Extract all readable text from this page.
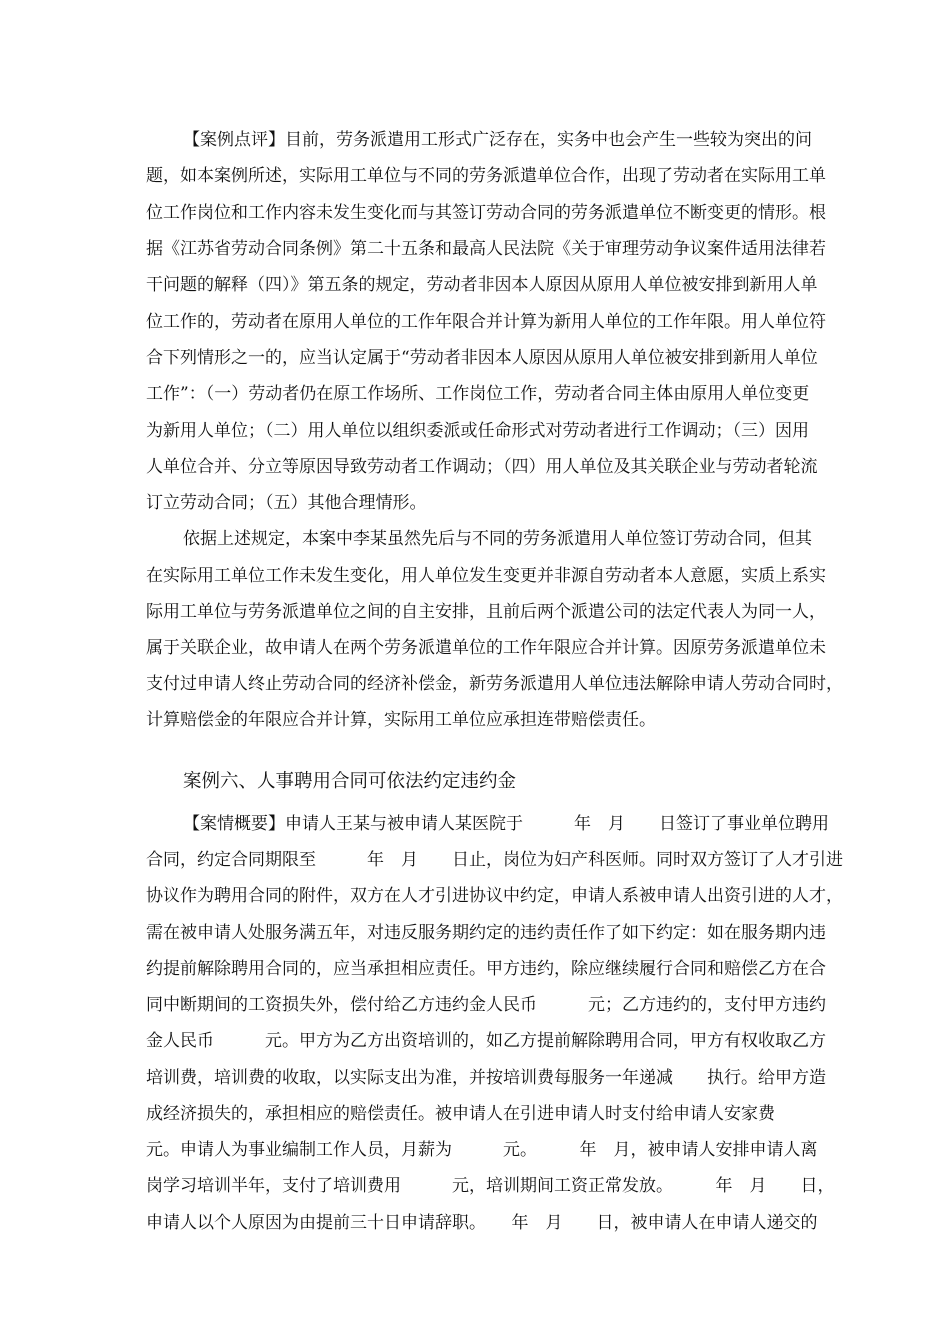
【案例点评】目前，劳务派遣用工形式广泛存在，实务中也会产生一些较为突出的问
题，如本案例所述，实际用工单位与不同的劳务派遣单位合作，出现了劳动者在实际用工单
位工作岗位和工作内容未发生变化而与其签订劳动合同的劳务派遣单位不断变更的情形。根
据《江苏省劳动合同条例》第二十五条和最高人民法院《关于审理劳动争议案件适用法律若
干问题的解释（四）》第五条的规定，劳动者非因本人原因从原用人单位被安排到新用人单
位工作的，劳动者在原用人单位的工作年限合并计算为新用人单位的工作年限。用人单位符
合下列情形之一的，应当认定属于“劳动者非因本人原因从原用人单位被安排到新用人单位
工作”：（一）劳动者仍在原工作场所、工作岗位工作，劳动者合同主体由原用人单位变更
为新用人单位；（二）用人单位以组织委派或任命形式对劳动者进行工作调动；（三）因用
人单位合并、分立等原因导致劳动者工作调动；（四）用人单位及其关联企业与劳动者轮流
订立劳动合同；（五）其他合理情形。
依据上述规定，本案中李某虽然先后与不同的劳务派遣用人单位签订劳动合同，但其
在实际用工单位工作未发生变化，用人单位发生变更并非源自劳动者本人意愿，实质上系实
际用工单位与劳务派遣单位之间的自主安排，且前后两个派遣公司的法定代表人为同一人，
属于关联企业，故申请人在两个劳务派遣单位的工作年限应合并计算。因原劳务派遣单位未
支付过申请人终止劳动合同的经济补偿金，新劳务派遣用人单位违法解除申请人劳动合同时，
计算赔偿金的年限应合并计算，实际用工单位应承担连带赔偿责任。
案例六、人事聘用合同可依法约定违约金
【案情概要】申请人王某与被申请人某医院于　　　年　月　　日签订了事业单位聘用
合同，约定合同期限至　　　年　月　　日止，岗位为妇产科医师。同时双方签订了人才引进
协议作为聘用合同的附件，双方在人才引进协议中约定，申请人系被申请人出资引进的人才，
需在被申请人处服务满五年，对违反服务期约定的违约责任作了如下约定：如在服务期内违
约提前解除聘用合同的，应当承担相应责任。甲方违约，除应继续履行合同和赔偿乙方在合
同中断期间的工资损失外，偿付给乙方违约金人民币　　　元；乙方违约的，支付甲方违约
金人民币　　　元。甲方为乙方出资培训的，如乙方提前解除聘用合同，甲方有权收取乙方
培训费，培训费的收取，以实际支出为准，并按培训费每服务一年递减　　执行。给甲方造
成经济损失的，承担相应的赔偿责任。被申请人在引进申请人时支付给申请人安家费
元。申请人为事业编制工作人员，月薪为　　　元。　　　年　月，被申请人安排申请人离
岗学习培训半年，支付了培训费用　　　元，培训期间工资正常发放。　　　年　月　　日，
申请人以个人原因为由提前三十日申请辞职。　　年　月　　日，被申请人在申请人递交的
